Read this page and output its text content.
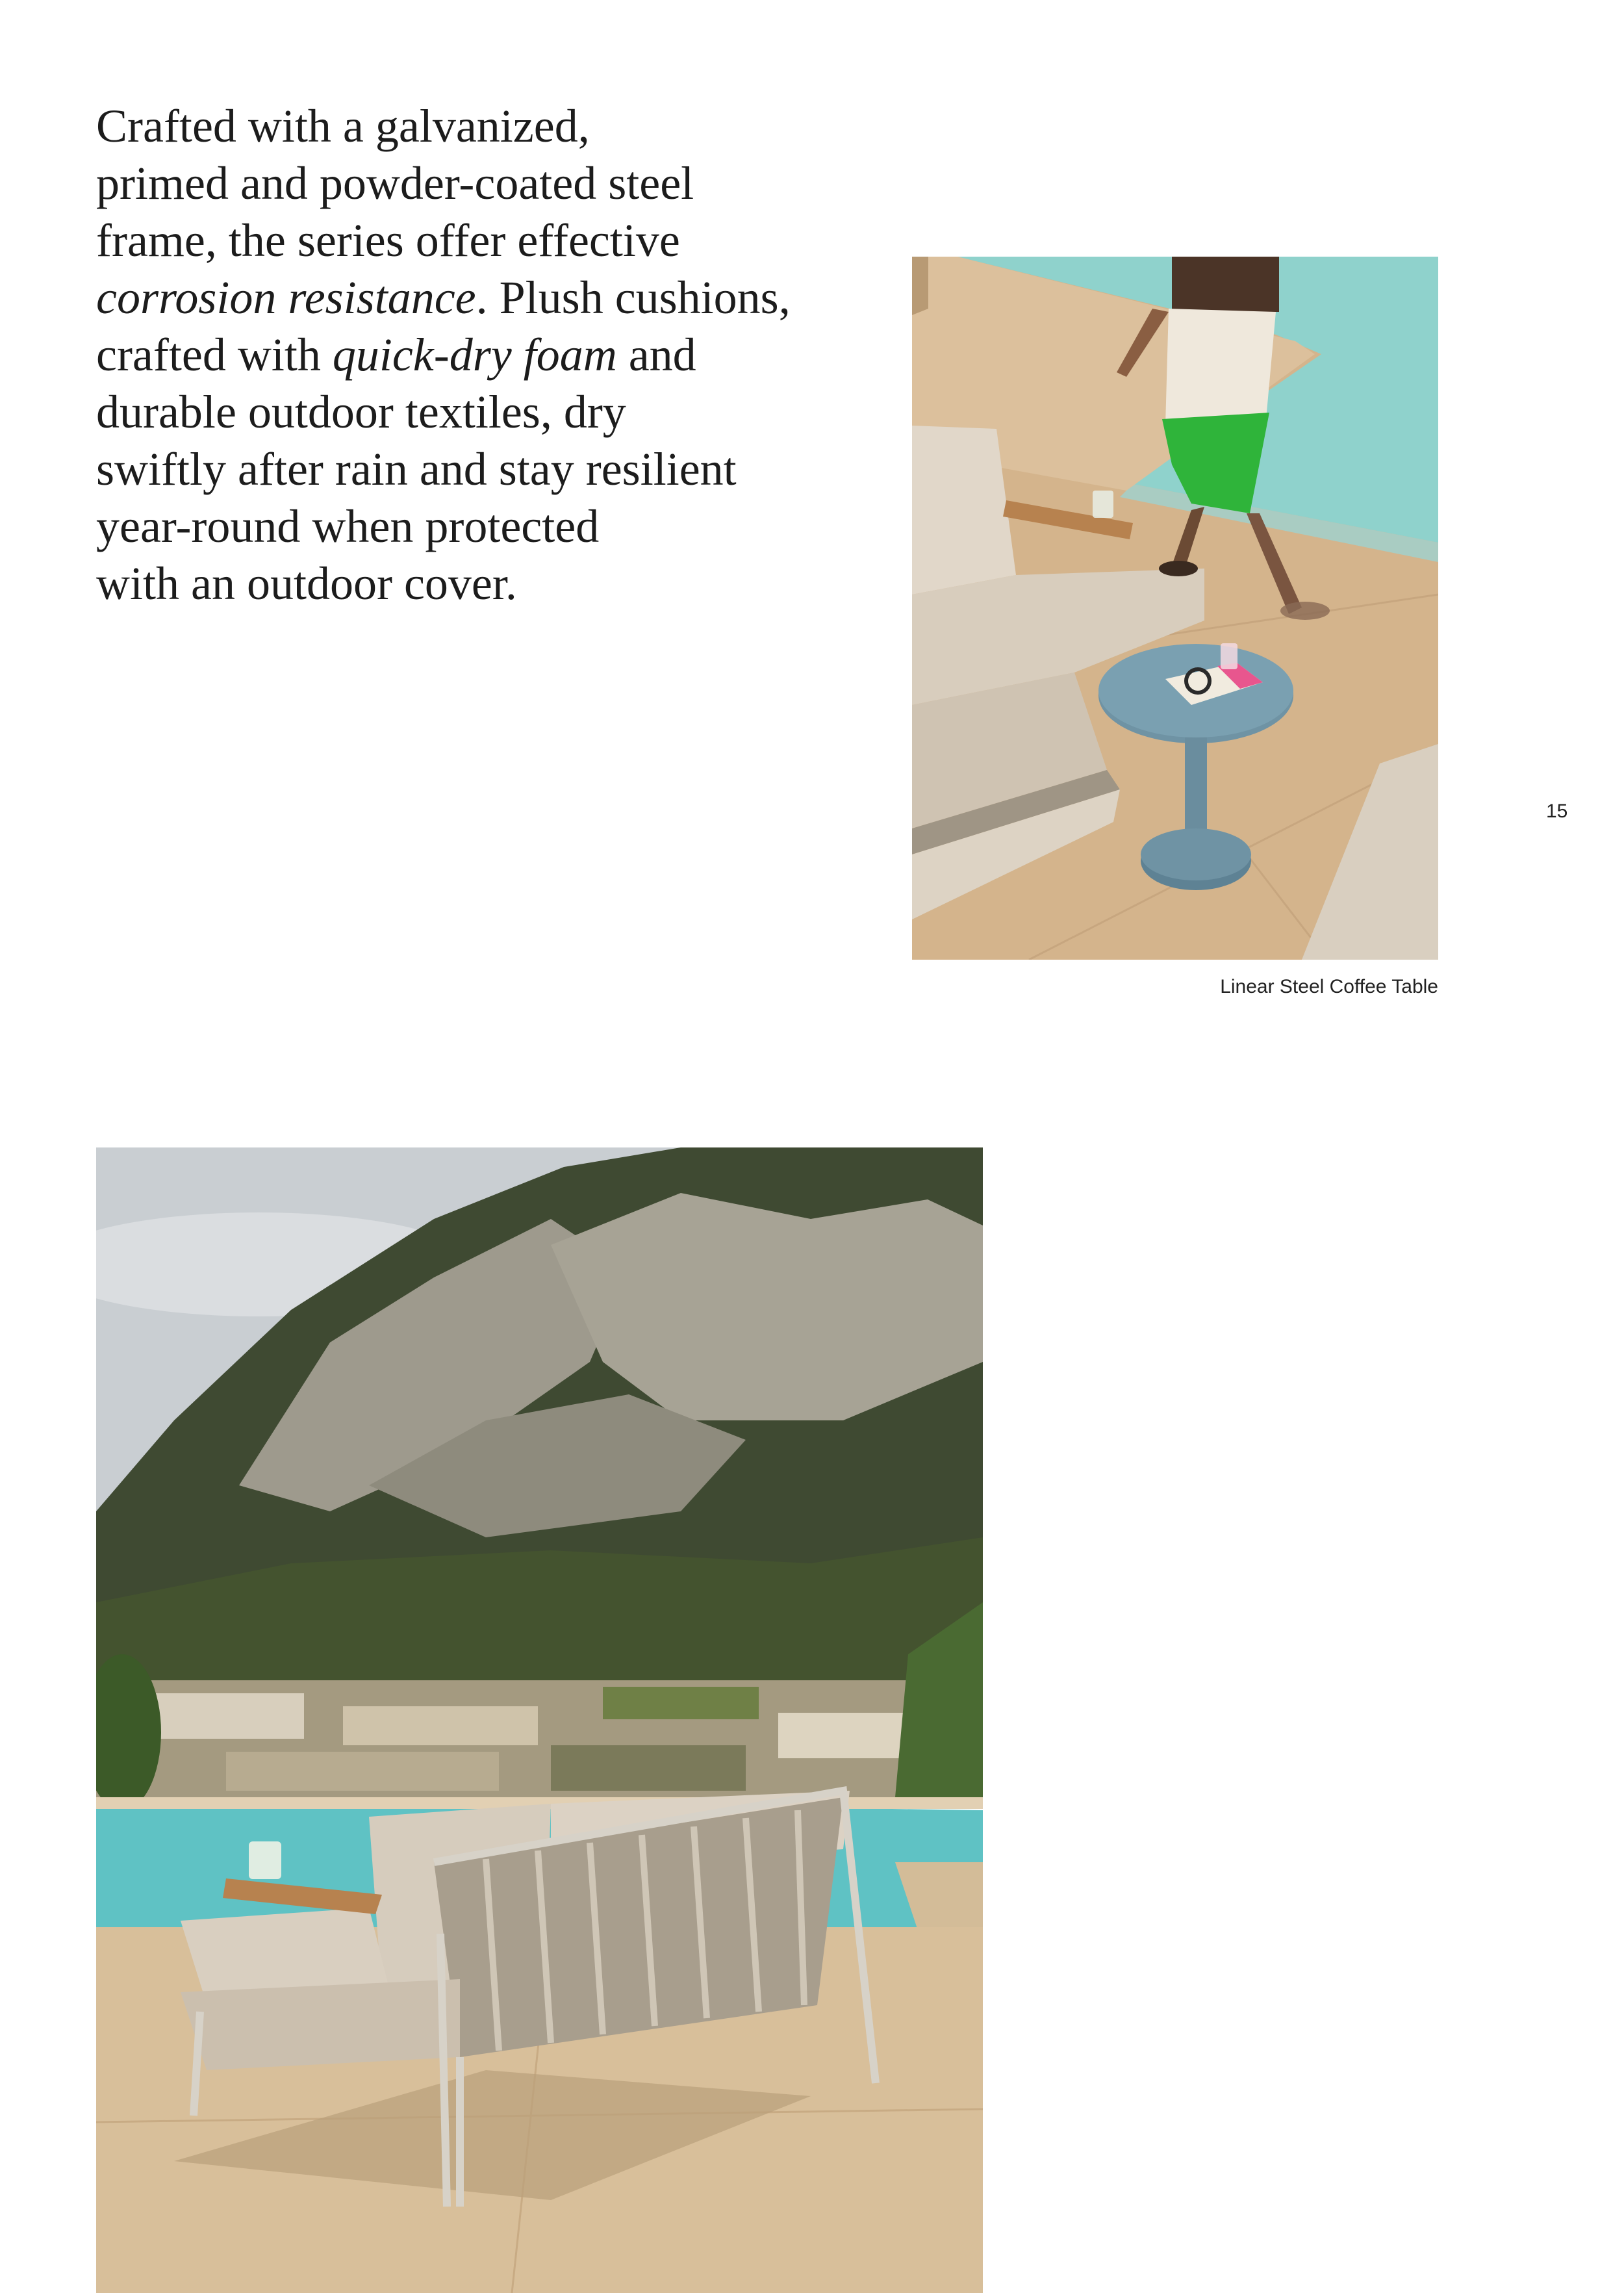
Crafted with a galvanized,
primed and powder-coated steel
frame, the series offer effective
corrosion resistance. Plush cushions,
crafted with quick-dry foam and
durable outdoor textiles, dry
swiftly after rain and stay resilient
year-round when protected
with an outdoor cover.
Linear Steel Coffee Table
15
